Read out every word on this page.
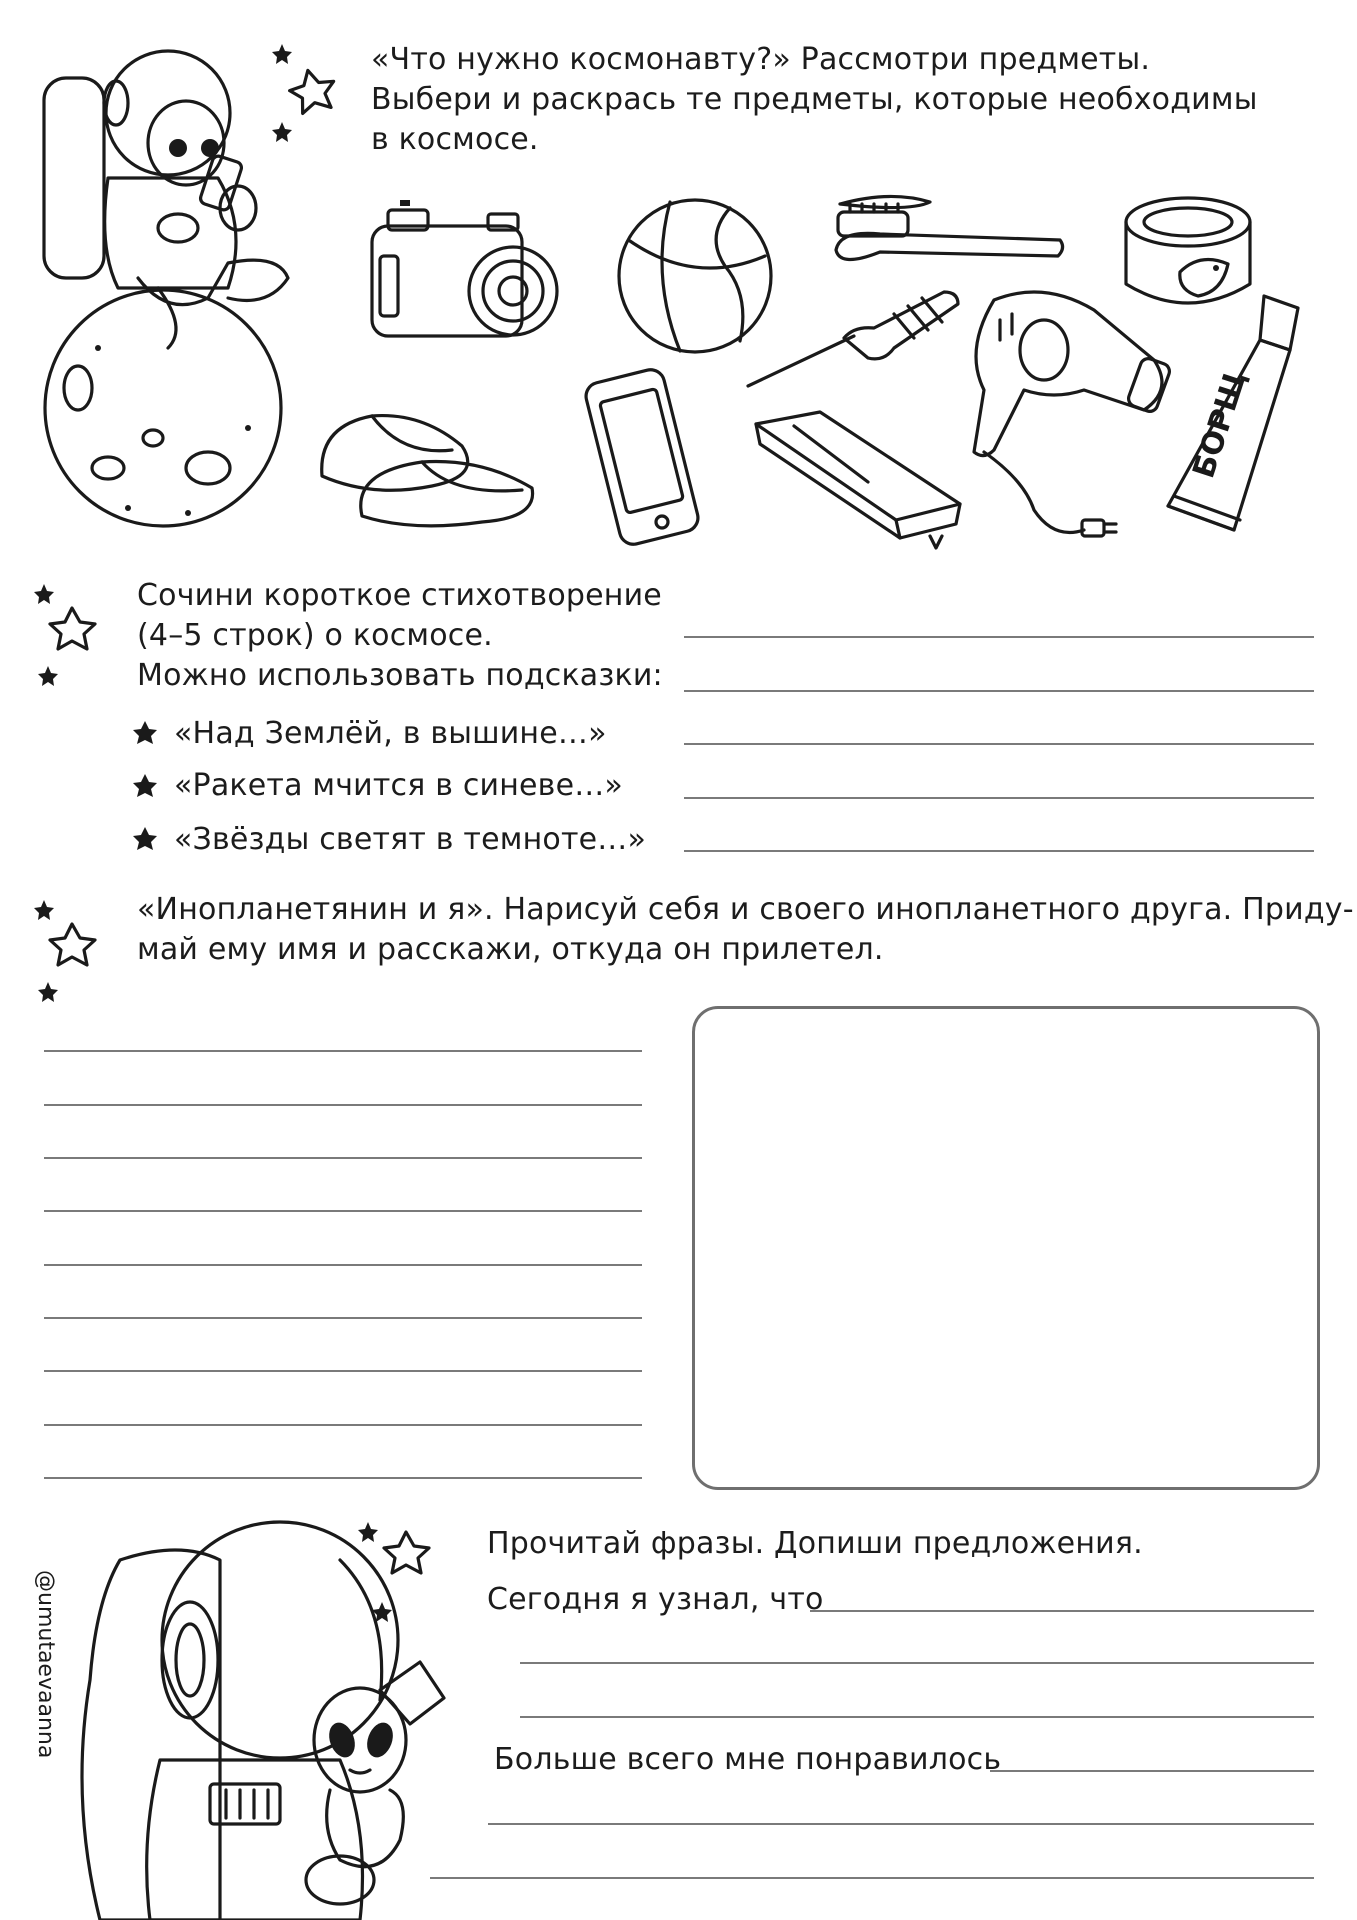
«Что нужно космонавту?» Рассмотри предметы.
Выбери и раскрась те предметы, которые необходимы
в космосе.
БОРЩ
Сочини короткое стихотворение
(4–5 строк) о космосе.
Можно использовать подсказки:
«Над Землёй, в вышине…»
«Ракета мчится в синеве…»
«Звёзды светят в темноте…»
«Инопланетянин и я». Нарисуй себя и своего инопланетного друга. Приду-
май ему имя и расскажи, откуда он прилетел.
Прочитай фразы. Допиши предложения.
Сегодня я узнал, что
Больше всего мне понравилось
@umutaevaanna
